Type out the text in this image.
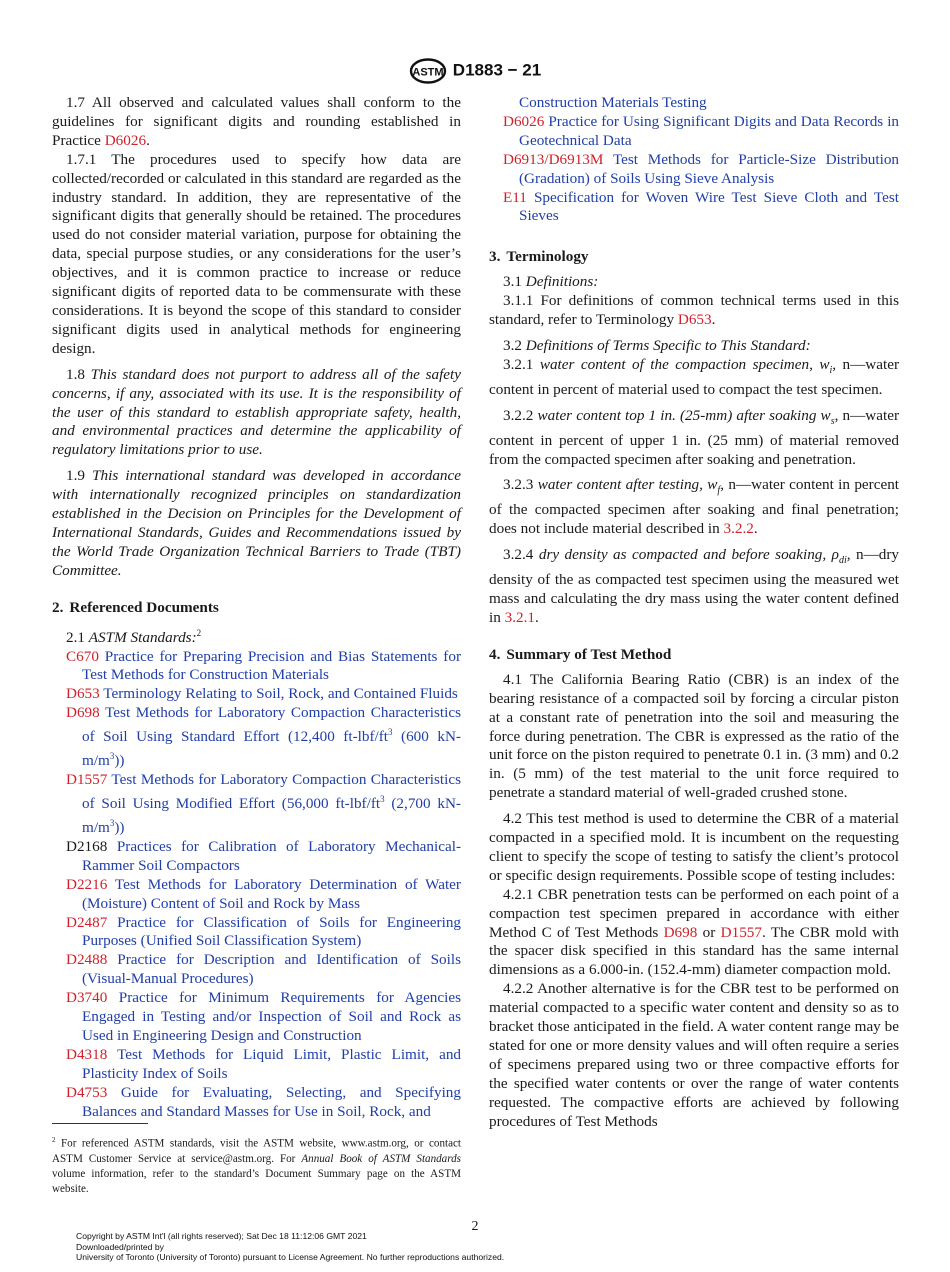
ASTM D1883 − 21

1.7 All observed and calculated values shall conform to the guidelines for significant digits and rounding established in Practice D6026.

1.7.1 The procedures used to specify how data are collected/recorded or calculated in this standard are regarded as the industry standard. In addition, they are representative of the significant digits that generally should be retained. The procedures used do not consider material variation, purpose for obtaining the data, special purpose studies, or any considerations for the user’s objectives, and it is common practice to increase or reduce significant digits of reported data to be commensurate with these considerations. It is beyond the scope of this standard to consider significant digits used in analytical methods for engineering design.

1.8 This standard does not purport to address all of the safety concerns, if any, associated with its use. It is the responsibility of the user of this standard to establish appropriate safety, health, and environmental practices and determine the applicability of regulatory limitations prior to use.

1.9 This international standard was developed in accordance with internationally recognized principles on standardization established in the Decision on Principles for the Development of International Standards, Guides and Recommendations issued by the World Trade Organization Technical Barriers to Trade (TBT) Committee.

2. Referenced Documents

2.1 ASTM Standards:$^2$

C670 Practice for Preparing Precision and Bias Statements for Test Methods for Construction Materials

D653 Terminology Relating to Soil, Rock, and Contained Fluids

D698 Test Methods for Laboratory Compaction Characteristics of Soil Using Standard Effort (12,400 $ft-lbf/ft^3$ (600 $kN-m/m^3$))

D1557 Test Methods for Laboratory Compaction Characteristics of Soil Using Modified Effort (56,000 $ft-lbf/ft^3$ (2,700 $kN-m/m^3$))

D2168 Practices for Calibration of Laboratory Mechanical-Rammer Soil Compactors

D2216 Test Methods for Laboratory Determination of Water (Moisture) Content of Soil and Rock by Mass

D2487 Practice for Classification of Soils for Engineering Purposes (Unified Soil Classification System)

D2488 Practice for Description and Identification of Soils (Visual-Manual Procedures)

D3740 Practice for Minimum Requirements for Agencies Engaged in Testing and/or Inspection of Soil and Rock as Used in Engineering Design and Construction

D4318 Test Methods for Liquid Limit, Plastic Limit, and Plasticity Index of Soils

D4753 Guide for Evaluating, Selecting, and Specifying Balances and Standard Masses for Use in Soil, Rock, and

$^2$ For referenced ASTM standards, visit the ASTM website, www.astm.org, or contact ASTM Customer Service at service@astm.org. For Annual Book of ASTM Standards volume information, refer to the standard’s Document Summary page on the ASTM website.

Construction Materials Testing

D6026 Practice for Using Significant Digits and Data Records in Geotechnical Data

D6913/D6913M Test Methods for Particle-Size Distribution (Gradation) of Soils Using Sieve Analysis

E11 Specification for Woven Wire Test Sieve Cloth and Test Sieves

3. Terminology

3.1 Definitions:

3.1.1 For definitions of common technical terms used in this standard, refer to Terminology D653.

3.2 Definitions of Terms Specific to This Standard:

3.2.1 water content of the compaction specimen, $w_i$, n—water content in percent of material used to compact the test specimen.

3.2.2 water content top 1 in. (25-mm) after soaking $w_s$, n—water content in percent of upper 1 in. (25 mm) of material removed from the compacted specimen after soaking and penetration.

3.2.3 water content after testing, $w_f$, n—water content in percent of the compacted specimen after soaking and final penetration; does not include material described in 3.2.2.

3.2.4 dry density as compacted and before soaking, $\rho_{di}$, n—dry density of the as compacted test specimen using the measured wet mass and calculating the dry mass using the water content defined in 3.2.1.

4. Summary of Test Method

4.1 The California Bearing Ratio (CBR) is an index of the bearing resistance of a compacted soil by forcing a circular piston at a constant rate of penetration into the soil and measuring the force during penetration. The CBR is expressed as the ratio of the unit force on the piston required to penetrate 0.1 in. (3 mm) and 0.2 in. (5 mm) of the test material to the unit force required to penetrate a standard material of well-graded crushed stone.

4.2 This test method is used to determine the CBR of a material compacted in a specified mold. It is incumbent on the requesting client to specify the scope of testing to satisfy the client’s protocol or specific design requirements. Possible scope of testing includes:

4.2.1 CBR penetration tests can be performed on each point of a compaction test specimen prepared in accordance with either Method C of Test Methods D698 or D1557. The CBR mold with the spacer disk specified in this standard has the same internal dimensions as a 6.000-in. (152.4-mm) diameter compaction mold.

4.2.2 Another alternative is for the CBR test to be performed on material compacted to a specific water content and density so as to bracket those anticipated in the field. A water content range may be stated for one or more density values and will often require a series of specimens prepared using two or three compactive efforts for the specified water contents or over the range of water contents requested. The compactive efforts are achieved by following procedures of Test Methods

2
Copyright by ASTM Int'l (all rights reserved); Sat Dec 18 11:12:06 GMT 2021
Downloaded/printed by
University of Toronto (University of Toronto) pursuant to License Agreement. No further reproductions authorized.
